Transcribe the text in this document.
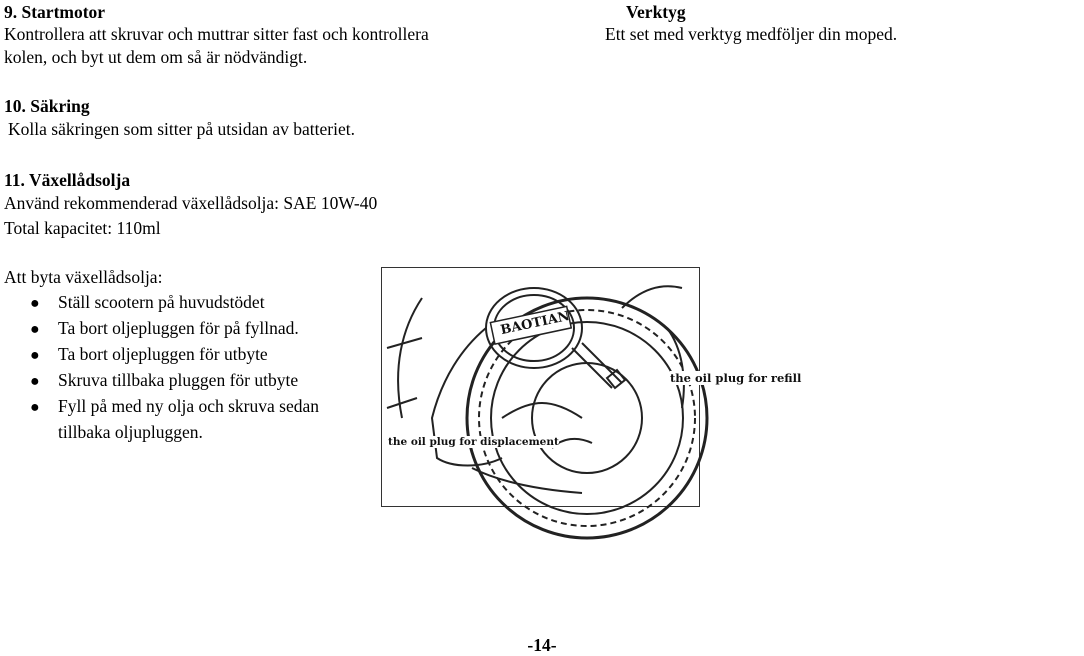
9. Startmotor
Kontrollera att skruvar och muttrar sitter fast och kontrollera
kolen, och byt ut dem om så är nödvändigt.
Verktyg
Ett set med verktyg medföljer din moped.
10. Säkring
Kolla säkringen som sitter på utsidan av batteriet.
11. Växellådsolja
Använd rekommenderad växellådsolja: SAE 10W-40
Total kapacitet: 110ml
Att byta växellådsolja:
● Ställ scootern på huvudstödet
● Ta bort oljepluggen för på fyllnad.
● Ta bort oljepluggen för utbyte
● Skruva tillbaka pluggen för utbyte
● Fyll på med ny olja och skruva sedan
tillbaka oljupluggen.
BAOTIAN
the oil plug for refill
the oil plug for displacement
-14-
